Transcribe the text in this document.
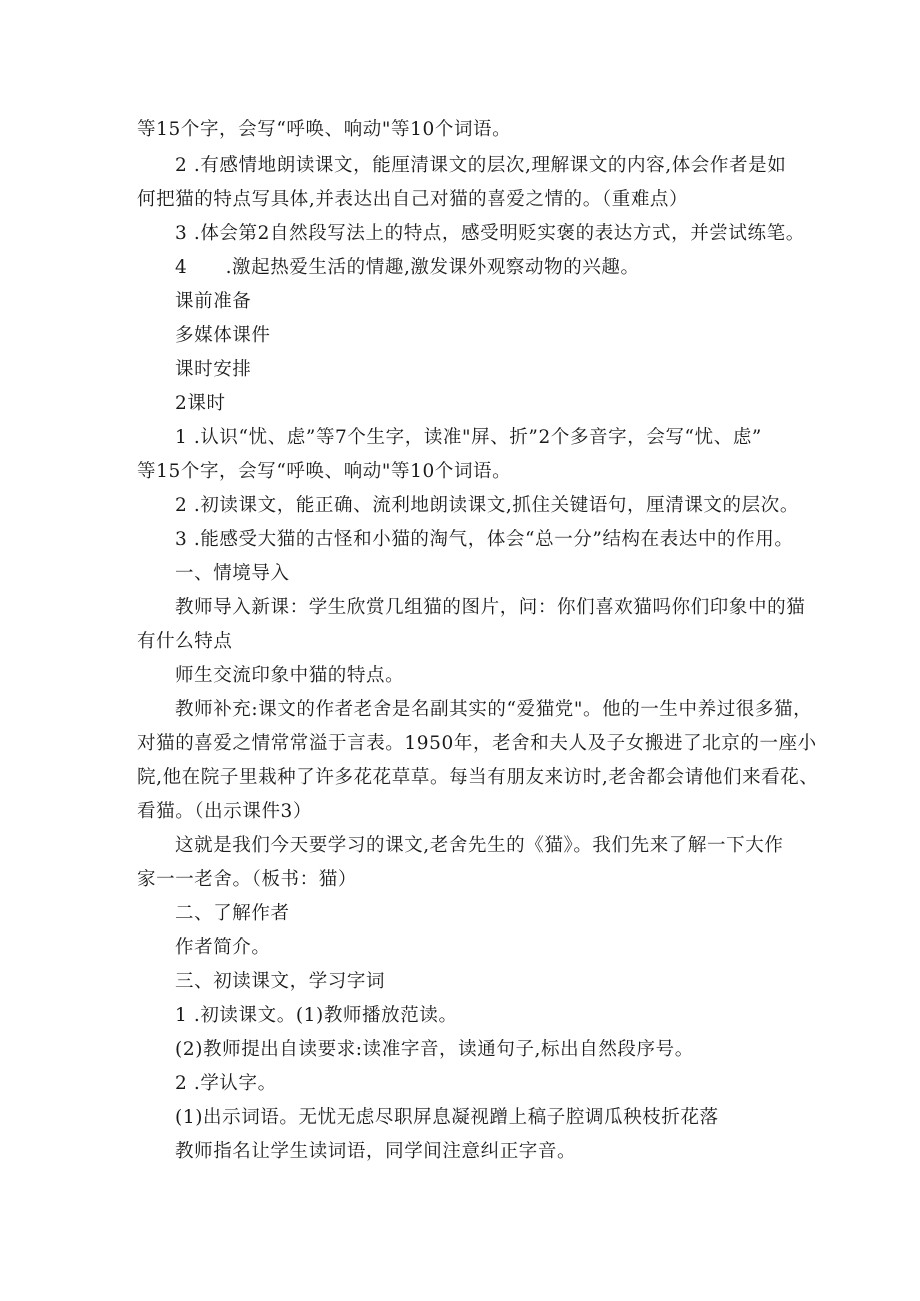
等15个字，会写“呼唤、响动"等10个词语。
2 .有感情地朗读课文，能厘清课文的层次,理解课文的内容,体会作者是如
何把猫的特点写具体,并表达出自己对猫的喜爱之情的。（重难点）
3 .体会第2自然段写法上的特点，感受明贬实褒的表达方式，并尝试练笔。
4　　.激起热爱生活的情趣,激发课外观察动物的兴趣。
课前准备
多媒体课件
课时安排
2课时
1 .认识“忧、虑”等7个生字，读准"屏、折”2个多音字，会写“忧、虑”
等15个字，会写“呼唤、响动"等10个词语。
2 .初读课文，能正确、流利地朗读课文,抓住关键语句，厘清课文的层次。
3 .能感受大猫的古怪和小猫的淘气，体会“总一分”结构在表达中的作用。
一、情境导入
教师导入新课：学生欣赏几组猫的图片，问：你们喜欢猫吗你们印象中的猫
有什么特点
师生交流印象中猫的特点。
教师补充:课文的作者老舍是名副其实的“爱猫党"。他的一生中养过很多猫，
对猫的喜爱之情常常溢于言表。1950年，老舍和夫人及子女搬进了北京的一座小
院,他在院子里栽种了许多花花草草。每当有朋友来访时,老舍都会请他们来看花、
看猫。（出示课件3）
这就是我们今天要学习的课文,老舍先生的《猫》。我们先来了解一下大作
家一一老舍。（板书：猫）
二、了解作者
作者简介。
三、初读课文，学习字词
1 .初读课文。(1)教师播放范读。
(2)教师提出自读要求:读准字音，读通句子,标出自然段序号。
2 .学认字。
(1)出示词语。无忧无虑尽职屏息凝视蹭上稿子腔调瓜秧枝折花落
教师指名让学生读词语，同学间注意纠正字音。
